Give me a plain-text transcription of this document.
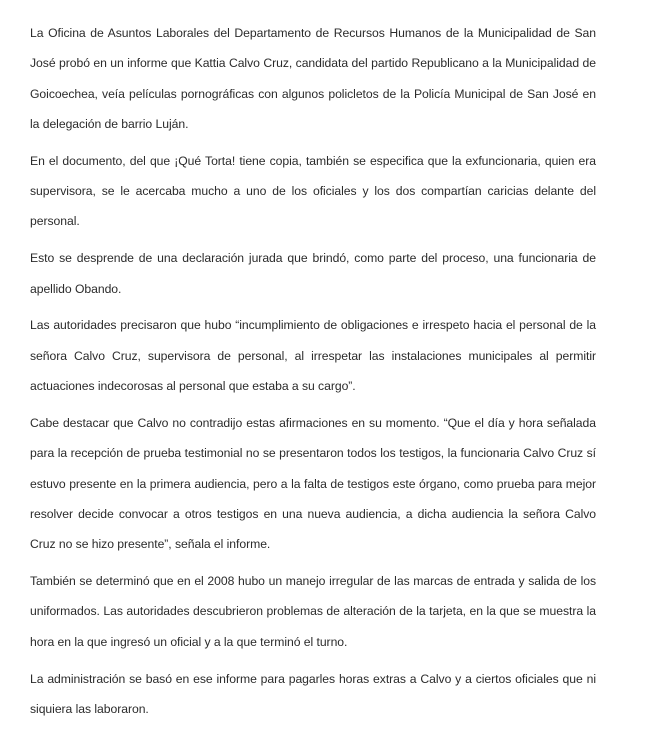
La Oficina de Asuntos Laborales del Departamento de Recursos Humanos de la Municipalidad de San José probó en un informe que Kattia Calvo Cruz, candidata del partido Republicano a la Municipalidad de Goicoechea, veía películas pornográficas con algunos policletos de la Policía Municipal de San José en la delegación de barrio Luján.

En el documento, del que ¡Qué Torta! tiene copia, también se especifica que la exfuncionaria, quien era supervisora, se le acercaba mucho a uno de los oficiales y los dos compartían caricias delante del personal.

Esto se desprende de una declaración jurada que brindó, como parte del proceso, una funcionaria de apellido Obando.

Las autoridades precisaron que hubo “incumplimiento de obligaciones e irrespeto hacia el personal de la señora Calvo Cruz, supervisora de personal, al irrespetar las instalaciones municipales al permitir actuaciones indecorosas al personal que estaba a su cargo”.

Cabe destacar que Calvo no contradijo estas afirmaciones en su momento. “Que el día y hora señalada para la recepción de prueba testimonial no se presentaron todos los testigos, la funcionaria Calvo Cruz sí estuvo presente en la primera audiencia, pero a la falta de testigos este órgano, como prueba para mejor resolver decide convocar a otros testigos en una nueva audiencia, a dicha audiencia la señora Calvo Cruz no se hizo presente”, señala el informe.

También se determinó que en el 2008 hubo un manejo irregular de las marcas de entrada y salida de los uniformados. Las autoridades descubrieron problemas de alteración de la tarjeta, en la que se muestra la hora en la que ingresó un oficial y a la que terminó el turno.

La administración se basó en ese informe para pagarles horas extras a Calvo y a ciertos oficiales que ni siquiera las laboraron.
